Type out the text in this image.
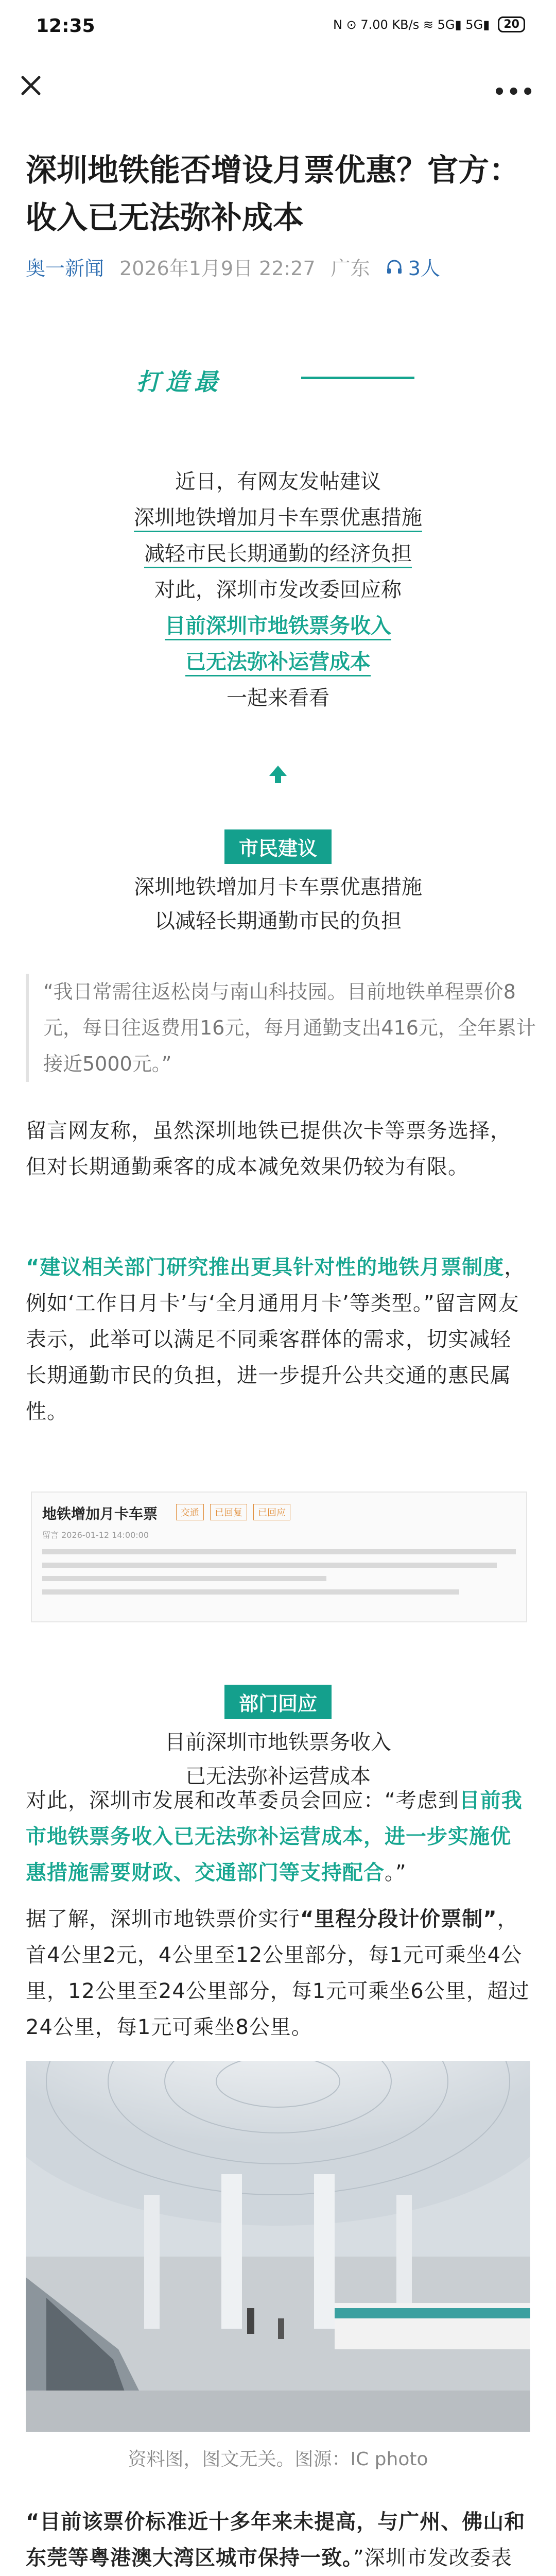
12:35	N ⊙ 7.00 KB/s ≋ 5G▮ 5G▮	20
•••
深圳地铁能否增设月票优惠？官方：收入已无法弥补成本
奥一新闻 2026年1月9日 22:27 广东 3人
打造最

近日，有网友发帖建议

深圳地铁增加月卡车票优惠措施

减轻市民长期通勤的经济负担

对此，深圳市发改委回应称

目前深圳市地铁票务收入

已无法弥补运营成本

一起来看看

市民建议

深圳地铁增加月卡车票优惠措施

以减轻长期通勤市民的负担

“我日常需往返松岗与南山科技园。目前地铁单程票价8元，每日往返费用16元，每月通勤支出416元，全年累计接近5000元。”

留言网友称，虽然深圳地铁已提供次卡等票务选择，但对长期通勤乘客的成本减免效果仍较为有限。

“建议相关部门研究推出更具针对性的地铁月票制度，例如‘工作日月卡’与‘全月通用月卡’等类型。”留言网友表示，此举可以满足不同乘客群体的需求，切实减轻长期通勤市民的负担，进一步提升公共交通的惠民属性。

地铁增加月卡车票	交通	已回复	已回应
留言 2026-01-12 14:00:00
部门回应

目前深圳市地铁票务收入

已无法弥补运营成本

对此，深圳市发展和改革委员会回应：“考虑到目前我市地铁票务收入已无法弥补运营成本，进一步实施优惠措施需要财政、交通部门等支持配合。”

据了解，深圳市地铁票价实行“里程分段计价票制”，首4公里2元，4公里至12公里部分，每1元可乘坐4公里，12公里至24公里部分，每1元可乘坐6公里，超过24公里，每1元可乘坐8公里。

资料图，图文无关。图源：IC photo

“目前该票价标准近十多年来未提高，与广州、佛山和东莞等粤港澳大湾区城市保持一致。”深圳市发改委表
